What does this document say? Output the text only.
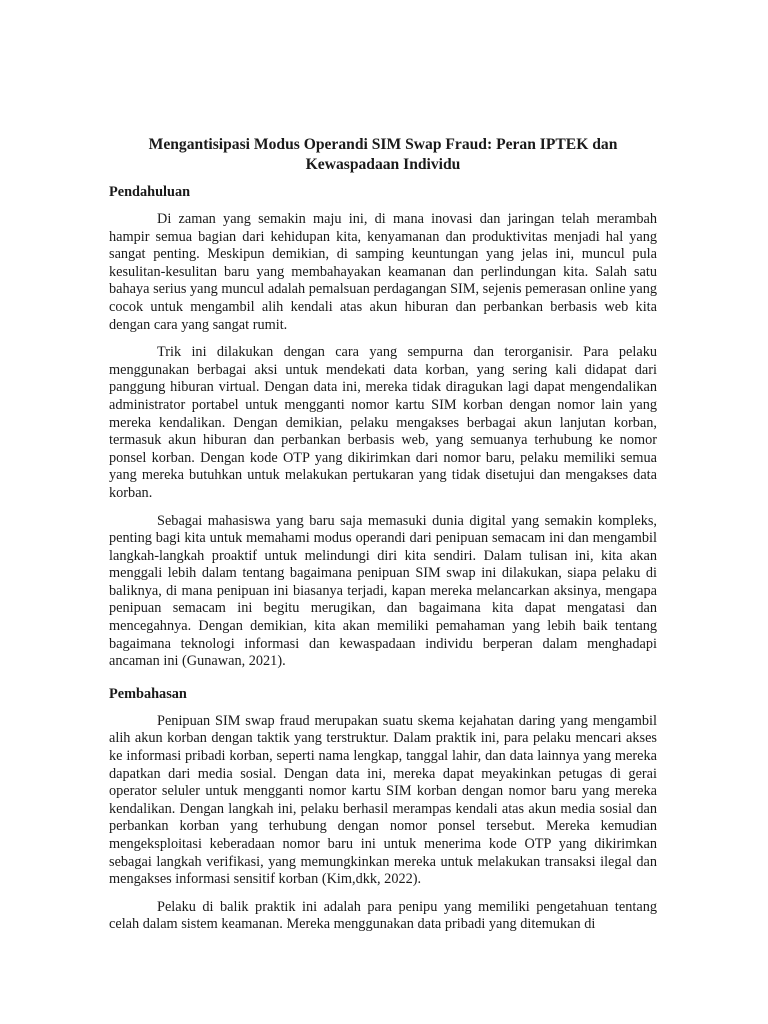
Mengantisipasi Modus Operandi SIM Swap Fraud: Peran IPTEK dan Kewaspadaan Individu
Pendahuluan

Di zaman yang semakin maju ini, di mana inovasi dan jaringan telah merambah hampir semua bagian dari kehidupan kita, kenyamanan dan produktivitas menjadi hal yang sangat penting. Meskipun demikian, di samping keuntungan yang jelas ini, muncul pula kesulitan-kesulitan baru yang membahayakan keamanan dan perlindungan kita. Salah satu bahaya serius yang muncul adalah pemalsuan perdagangan SIM, sejenis pemerasan online yang cocok untuk mengambil alih kendali atas akun hiburan dan perbankan berbasis web kita dengan cara yang sangat rumit.

Trik ini dilakukan dengan cara yang sempurna dan terorganisir. Para pelaku menggunakan berbagai aksi untuk mendekati data korban, yang sering kali didapat dari panggung hiburan virtual. Dengan data ini, mereka tidak diragukan lagi dapat mengendalikan administrator portabel untuk mengganti nomor kartu SIM korban dengan nomor lain yang mereka kendalikan. Dengan demikian, pelaku mengakses berbagai akun lanjutan korban, termasuk akun hiburan dan perbankan berbasis web, yang semuanya terhubung ke nomor ponsel korban. Dengan kode OTP yang dikirimkan dari nomor baru, pelaku memiliki semua yang mereka butuhkan untuk melakukan pertukaran yang tidak disetujui dan mengakses data korban.

Sebagai mahasiswa yang baru saja memasuki dunia digital yang semakin kompleks, penting bagi kita untuk memahami modus operandi dari penipuan semacam ini dan mengambil langkah-langkah proaktif untuk melindungi diri kita sendiri. Dalam tulisan ini, kita akan menggali lebih dalam tentang bagaimana penipuan SIM swap ini dilakukan, siapa pelaku di baliknya, di mana penipuan ini biasanya terjadi, kapan mereka melancarkan aksinya, mengapa penipuan semacam ini begitu merugikan, dan bagaimana kita dapat mengatasi dan mencegahnya. Dengan demikian, kita akan memiliki pemahaman yang lebih baik tentang bagaimana teknologi informasi dan kewaspadaan individu berperan dalam menghadapi ancaman ini (Gunawan, 2021).

Pembahasan

Penipuan SIM swap fraud merupakan suatu skema kejahatan daring yang mengambil alih akun korban dengan taktik yang terstruktur. Dalam praktik ini, para pelaku mencari akses ke informasi pribadi korban, seperti nama lengkap, tanggal lahir, dan data lainnya yang mereka dapatkan dari media sosial. Dengan data ini, mereka dapat meyakinkan petugas di gerai operator seluler untuk mengganti nomor kartu SIM korban dengan nomor baru yang mereka kendalikan. Dengan langkah ini, pelaku berhasil merampas kendali atas akun media sosial dan perbankan korban yang terhubung dengan nomor ponsel tersebut. Mereka kemudian mengeksploitasi keberadaan nomor baru ini untuk menerima kode OTP yang dikirimkan sebagai langkah verifikasi, yang memungkinkan mereka untuk melakukan transaksi ilegal dan mengakses informasi sensitif korban (Kim,dkk, 2022).

Pelaku di balik praktik ini adalah para penipu yang memiliki pengetahuan tentang celah dalam sistem keamanan. Mereka menggunakan data pribadi yang ditemukan di
